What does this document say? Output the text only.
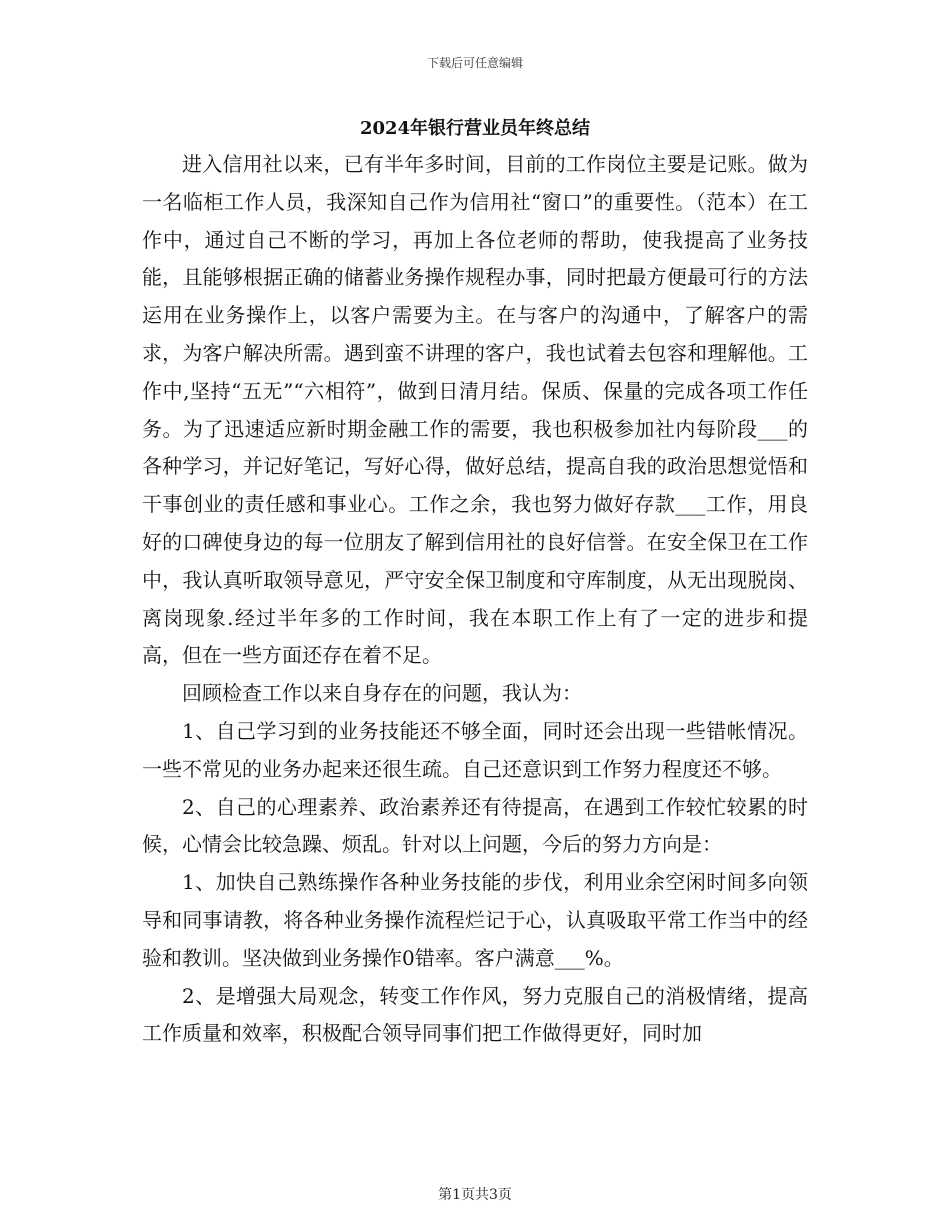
下载后可任意编辑
2024年银行营业员年终总结

进入信用社以来，已有半年多时间，目前的工作岗位主要是记账。做为一名临柜工作人员，我深知自己作为信用社“窗口”的重要性。（范本）在工作中，通过自己不断的学习，再加上各位老师的帮助，使我提高了业务技能，且能够根据正确的储蓄业务操作规程办事，同时把最方便最可行的方法运用在业务操作上，以客户需要为主。在与客户的沟通中，了解客户的需求，为客户解决所需。遇到蛮不讲理的客户，我也试着去包容和理解他。工作中,坚持“五无”“六相符”，做到日清月结。保质、保量的完成各项工作任务。为了迅速适应新时期金融工作的需要，我也积极参加社内每阶段___的各种学习，并记好笔记，写好心得，做好总结，提高自我的政治思想觉悟和干事创业的责任感和事业心。工作之余，我也努力做好存款___工作，用良好的口碑使身边的每一位朋友了解到信用社的良好信誉。在安全保卫在工作中，我认真听取领导意见，严守安全保卫制度和守库制度，从无出现脱岗、离岗现象.经过半年多的工作时间，我在本职工作上有了一定的进步和提高，但在一些方面还存在着不足。

回顾检查工作以来自身存在的问题，我认为：

1、自己学习到的业务技能还不够全面，同时还会出现一些错帐情况。一些不常见的业务办起来还很生疏。自己还意识到工作努力程度还不够。

2、自己的心理素养、政治素养还有待提高，在遇到工作较忙较累的时候，心情会比较急躁、烦乱。针对以上问题，今后的努力方向是：

1、加快自己熟练操作各种业务技能的步伐，利用业余空闲时间多向领导和同事请教，将各种业务操作流程烂记于心，认真吸取平常工作当中的经验和教训。坚决做到业务操作0错率。客户满意___%。

2、是增强大局观念，转变工作作风，努力克服自己的消极情绪，提高工作质量和效率，积极配合领导同事们把工作做得更好，同时加

第1页共3页
